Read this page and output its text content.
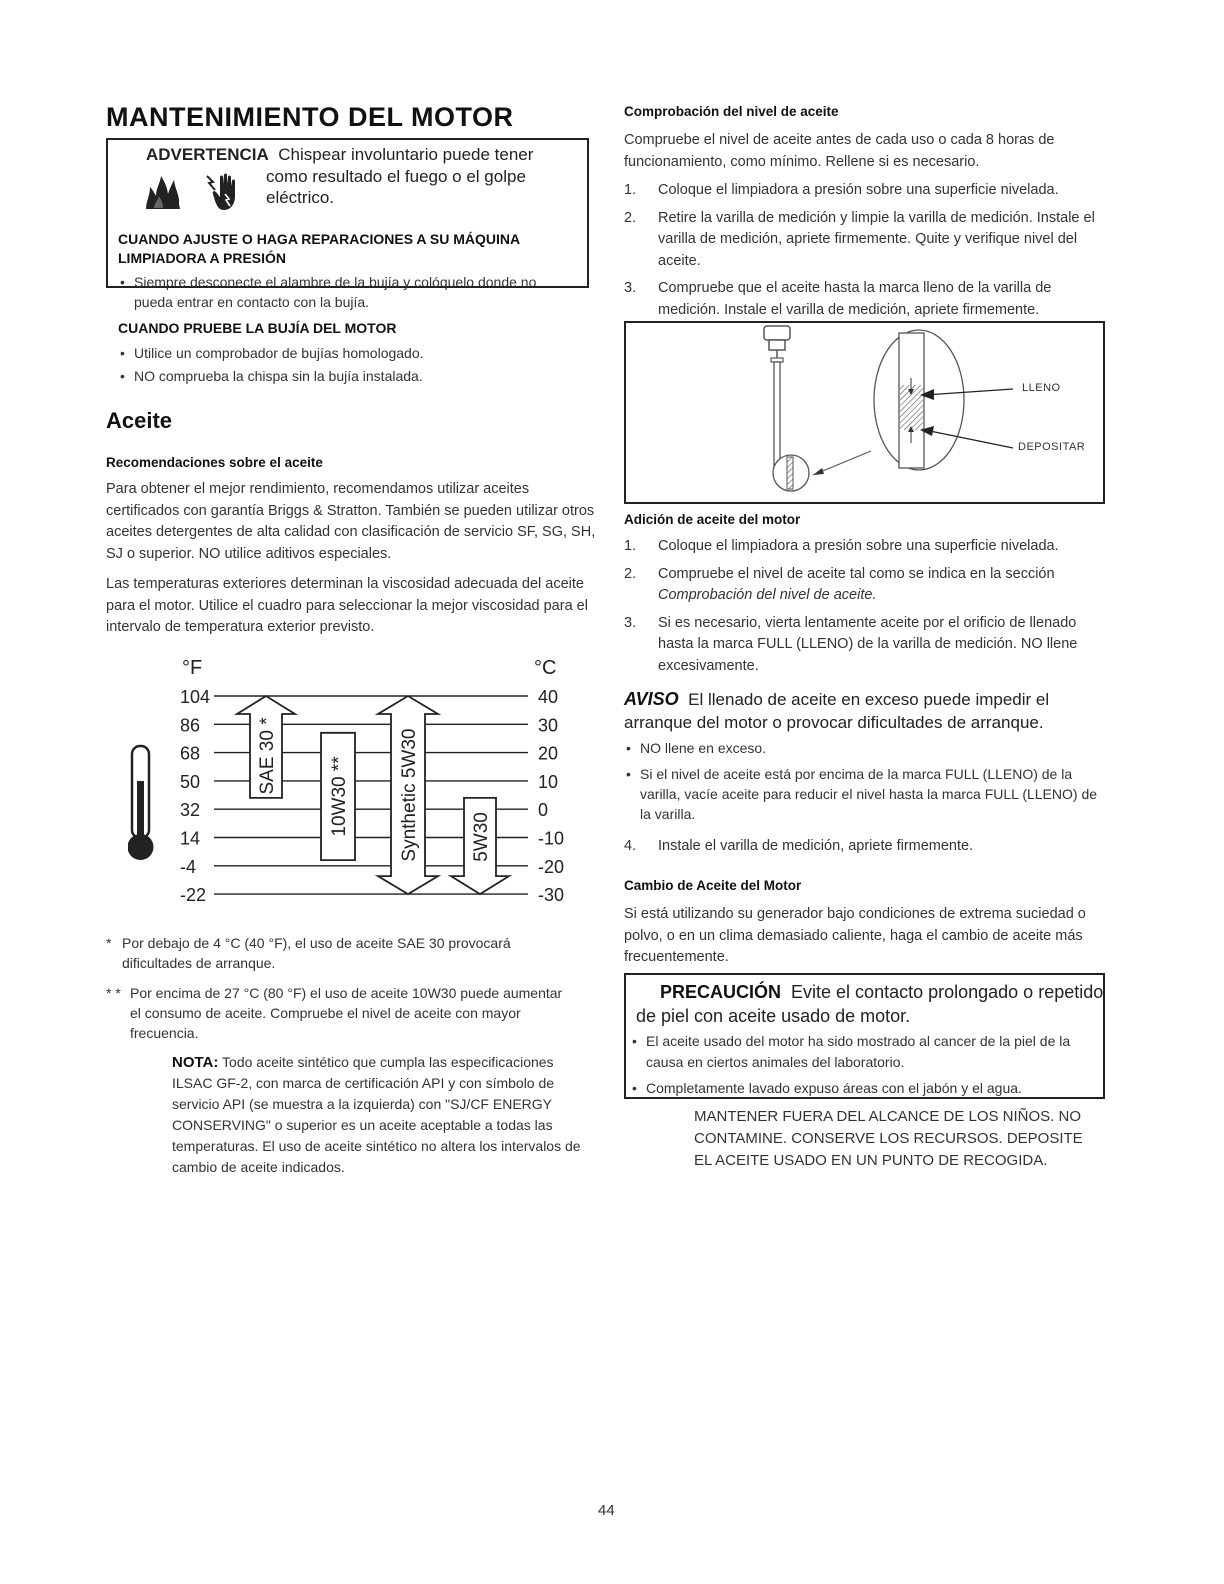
MANTENIMIENTO DEL MOTOR
ADVERTENCIA Chispear involuntario puede tener
como resultado el fuego o el golpe
eléctrico.
CUANDO AJUSTE O HAGA REPARACIONES A SU MÁQUINA
LIMPIADORA A PRESIÓN
• Siempre desconecte el alambre de la bujía y colóquelo donde no pueda entrar en contacto con la bujía.
CUANDO PRUEBE LA BUJÍA DEL MOTOR
• Utilice un comprobador de bujías homologado.
• NO comprueba la chispa sin la bujía instalada.
Aceite
Recomendaciones sobre el aceite
Para obtener el mejor rendimiento, recomendamos utilizar aceites certificados con garantía Briggs & Stratton. También se pueden utilizar otros aceites detergentes de alta calidad con clasificación de servicio SF, SG, SH, SJ o superior. NO utilice aditivos especiales.
Las temperaturas exteriores determinan la viscosidad adecuada del aceite para el motor. Utilice el cuadro para seleccionar la mejor viscosidad para el intervalo de temperatura exterior previsto.
°F	°C
104	40
86	30
68	20
50	10
32	0
14	-10
-4	-20
-22	-30
SAE 30 *
10W30 **	Synthetic 5W30	5W30
* Por debajo de 4 °C (40 °F), el uso de aceite SAE 30 provocará dificultades de arranque.
* * Por encima de 27 °C (80 °F) el uso de aceite 10W30 puede aumentar el consumo de aceite. Compruebe el nivel de aceite con mayor frecuencia.
NOTA: Todo aceite sintético que cumpla las especificaciones ILSAC GF-2, con marca de certificación API y con símbolo de servicio API (se muestra a la izquierda) con "SJ/CF ENERGY CONSERVING" o superior es un aceite aceptable a todas las temperaturas. El uso de aceite sintético no altera los intervalos de cambio de aceite indicados.
Comprobación del nivel de aceite
Compruebe el nivel de aceite antes de cada uso o cada 8 horas de funcionamiento, como mínimo. Rellene si es necesario.
1. Coloque el limpiadora a presión sobre una superficie nivelada.
2. Retire la varilla de medición y limpie la varilla de medición. Instale el varilla de medición, apriete firmemente. Quite y verifique nivel del aceite.
3. Compruebe que el aceite hasta la marca lleno de la varilla de medición. Instale el varilla de medición, apriete firmemente.
LLENO
DEPOSITAR
Adición de aceite del motor
1. Coloque el limpiadora a presión sobre una superficie nivelada.
2. Compruebe el nivel de aceite tal como se indica en la sección
Comprobación del nivel de aceite.
3. Si es necesario, vierta lentamente aceite por el orificio de llenado hasta la marca FULL (LLENO) de la varilla de medición. NO llene excesivamente.
AVISO El llenado de aceite en exceso puede impedir el
arranque del motor o provocar dificultades de arranque.
• NO llene en exceso.
• Si el nivel de aceite está por encima de la marca FULL (LLENO) de la varilla, vacíe aceite para reducir el nivel hasta la marca FULL (LLENO) de la varilla.
4. Instale el varilla de medición, apriete firmemente.
Cambio de Aceite del Motor
Si está utilizando su generador bajo condiciones de extrema suciedad o polvo, o en un clima demasiado caliente, haga el cambio de aceite más frecuentemente.
PRECAUCIÓN Evite el contacto prolongado o repetido
de piel con aceite usado de motor.
• El aceite usado del motor ha sido mostrado al cancer de la piel de la causa en ciertos animales del laboratorio.
• Completamente lavado expuso áreas con el jabón y el agua.
MANTENER FUERA DEL ALCANCE DE LOS NIÑOS. NO CONTAMINE. CONSERVE LOS RECURSOS. DEPOSITE EL ACEITE USADO EN UN PUNTO DE RECOGIDA.
44
